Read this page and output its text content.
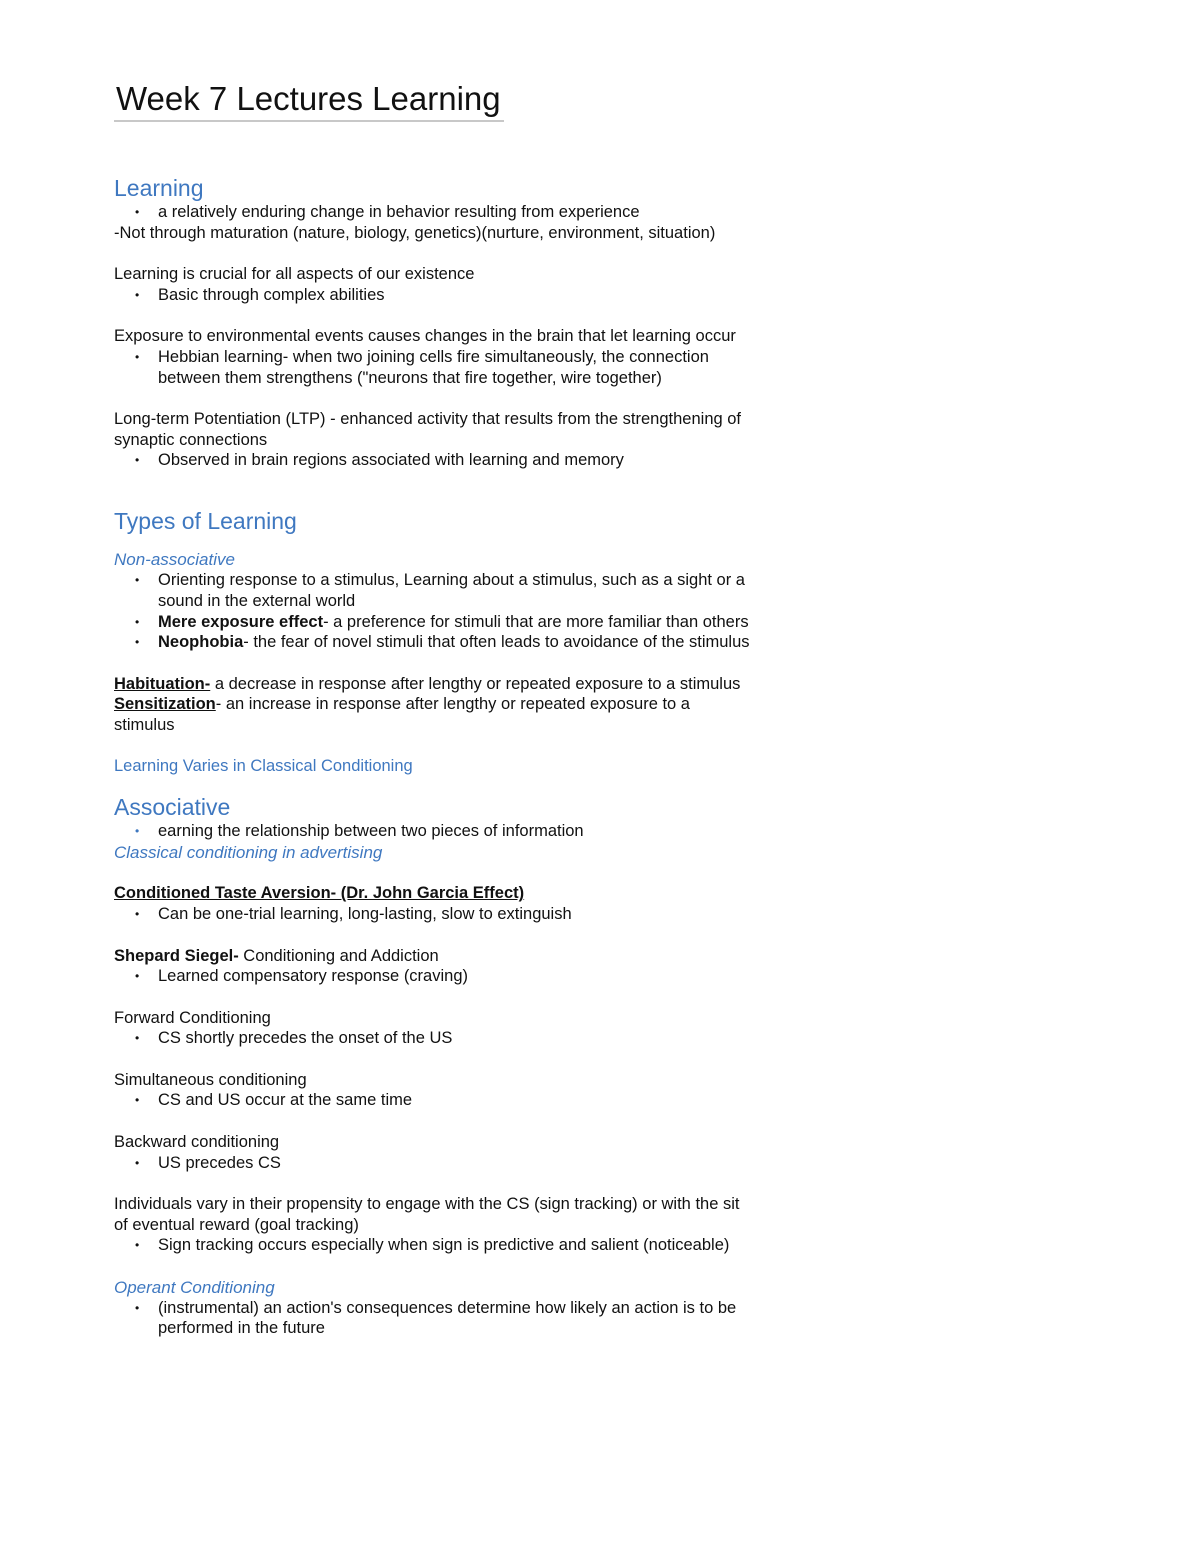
Week 7 Lectures Learning

Learning

• a relatively enduring change in behavior resulting from experience

-Not through maturation (nature, biology, genetics)(nurture, environment, situation)

Learning is crucial for all aspects of our existence

• Basic through complex abilities

Exposure to environmental events causes changes in the brain that let learning occur

• Hebbian learning- when two joining cells fire simultaneously, the connection between them strengthens ("neurons that fire together, wire together)

Long-term Potentiation (LTP) - enhanced activity that results from the strengthening of synaptic connections

• Observed in brain regions associated with learning and memory

Types of Learning

Non-associative

• Orienting response to a stimulus, Learning about a stimulus, such as a sight or a sound in the external world
• Mere exposure effect- a preference for stimuli that are more familiar than others
• Neophobia- the fear of novel stimuli that often leads to avoidance of the stimulus

Habituation- a decrease in response after lengthy or repeated exposure to a stimulus

Sensitization- an increase in response after lengthy or repeated exposure to a stimulus

Learning Varies in Classical Conditioning

Associative

• earning the relationship between two pieces of information

Classical conditioning in advertising

Conditioned Taste Aversion- (Dr. John Garcia Effect)

• Can be one-trial learning, long-lasting, slow to extinguish

Shepard Siegel- Conditioning and Addiction

• Learned compensatory response (craving)

Forward Conditioning

• CS shortly precedes the onset of the US

Simultaneous conditioning

• CS and US occur at the same time

Backward conditioning

• US precedes CS

Individuals vary in their propensity to engage with the CS (sign tracking) or with the sit of eventual reward (goal tracking)

• Sign tracking occurs especially when sign is predictive and salient (noticeable)

Operant Conditioning

• (instrumental) an action's consequences determine how likely an action is to be performed in the future
